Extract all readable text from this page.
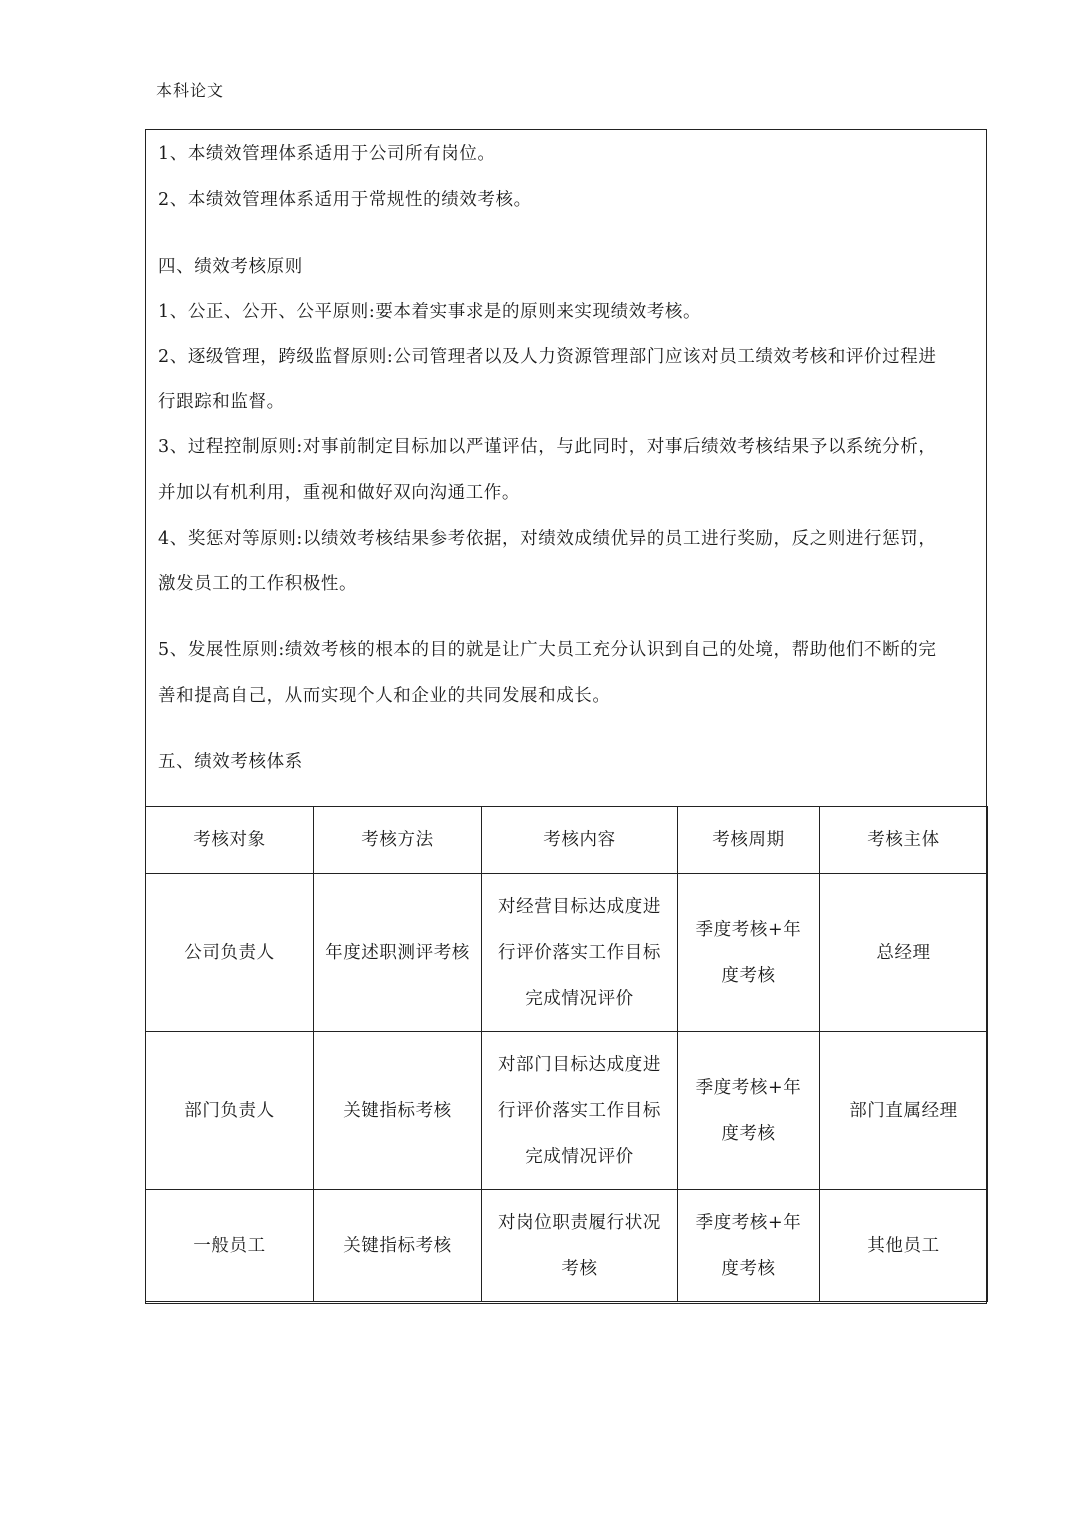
本科论文
1、本绩效管理体系适用于公司所有岗位。
2、本绩效管理体系适用于常规性的绩效考核。
四、绩效考核原则
1、公正、公开、公平原则:要本着实事求是的原则来实现绩效考核。
2、逐级管理，跨级监督原则:公司管理者以及人力资源管理部门应该对员工绩效考核和评价过程进
行跟踪和监督。
3、过程控制原则:对事前制定目标加以严谨评估，与此同时，对事后绩效考核结果予以系统分析，
并加以有机利用，重视和做好双向沟通工作。
4、奖惩对等原则:以绩效考核结果参考依据，对绩效成绩优异的员工进行奖励，反之则进行惩罚，
激发员工的工作积极性。
5、发展性原则:绩效考核的根本的目的就是让广大员工充分认识到自己的处境，帮助他们不断的完
善和提高自己，从而实现个人和企业的共同发展和成长。
五、绩效考核体系
考核对象	考核方法	考核内容	考核周期	考核主体
公司负责人	年度述职测评考核	对经营目标达成度进行评价落实工作目标完成情况评价	季度考核+年度考核	总经理
部门负责人	关键指标考核	对部门目标达成度进行评价落实工作目标完成情况评价	季度考核+年度考核	部门直属经理
一般员工	关键指标考核	对岗位职责履行状况考核	季度考核+年度考核	其他员工
